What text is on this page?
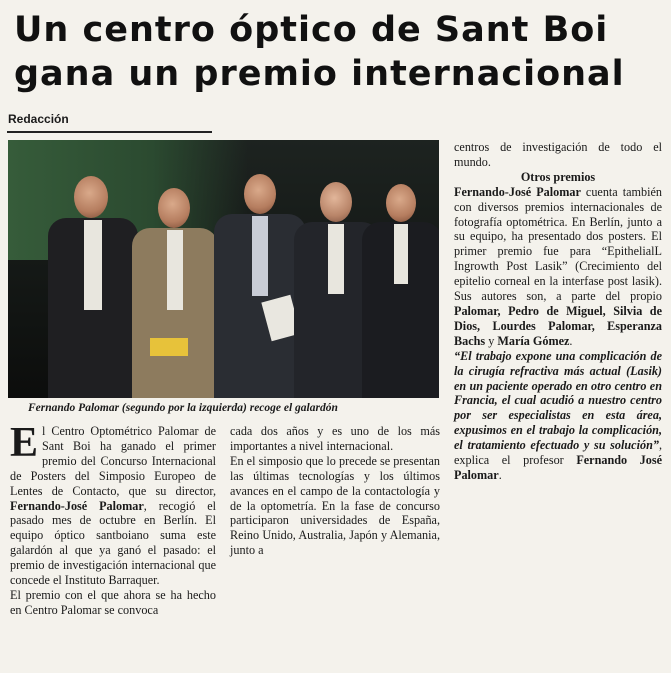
Un centro óptico de Sant Boi
gana un premio internacional
Redacción
Fernando Palomar (segundo por la izquierda) recoge el galardón

El Centro Optométrico Palomar de Sant Boi ha ganado el primer premio del Concurso Internacional de Posters del Simposio Europeo de Lentes de Contacto, que su director, Fernando-José Palomar, recogió el pasado mes de octubre en Berlín. El equipo óptico santboiano suma este galardón al que ya ganó el pasado: el premio de investigación internacional que concede el Instituto Barraquer.

El premio con el que ahora se ha hecho en Centro Palomar se convoca

cada dos años y es uno de los más importantes a nivel internacional.

En el simposio que lo precede se presentan las últimas tecnologías y los últimos avances en el campo de la contactología y de la optometría. En la fase de concurso participaron universidades de España, Reino Unido, Australia, Japón y Alemania, junto a

centros de investigación de todo el mundo.

Otros premios

Fernando-José Palomar cuenta también con diversos premios internacionales de fotografía optométrica. En Berlín, junto a su equipo, ha presentado dos posters. El primer premio fue para “EpithelialL Ingrowth Post Lasik” (Crecimiento del epitelio corneal en la interfase post lasik). Sus autores son, a parte del propio Palomar, Pedro de Miguel, Silvia de Dios, Lourdes Palomar, Esperanza Bachs y María Gómez.

“El trabajo expone una complicación de la cirugía refractiva más actual (Lasik) en un paciente operado en otro centro en Francia, el cual acudió a nuestro centro por ser especialistas en esta área, expusimos en el trabajo la complicación, el tratamiento efectuado y su solución”, explica el profesor Fernando José Palomar.
